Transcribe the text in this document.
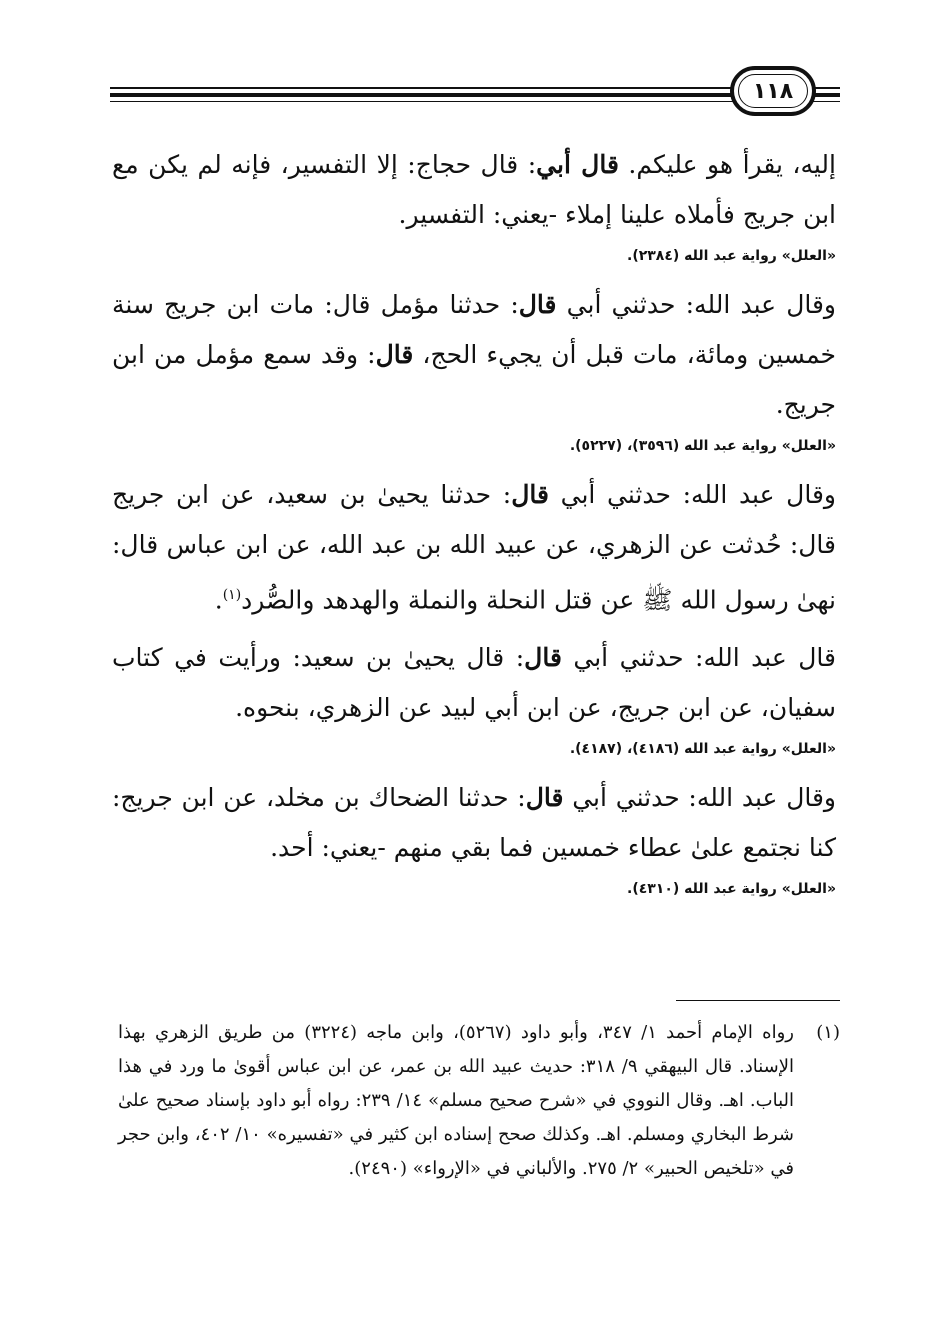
١١٨

إليه، يقرأ هو عليكم. قال أبي: قال حجاج: إلا التفسير، فإنه لم يكن مع ابن جريج فأملاه علينا إملاء -يعني: التفسير.

«العلل» رواية عبد الله (٢٣٨٤).

وقال عبد الله: حدثني أبي قال: حدثنا مؤمل قال: مات ابن جريج سنة خمسين ومائة، مات قبل أن يجيء الحج، قال: وقد سمع مؤمل من ابن جريج.

«العلل» رواية عبد الله (٣٥٩٦)، (٥٢٢٧).

وقال عبد الله: حدثني أبي قال: حدثنا يحيىٰ بن سعيد، عن ابن جريج قال: حُدثت عن الزهري، عن عبيد الله بن عبد الله، عن ابن عباس قال: نهىٰ رسول الله ﷺ عن قتل النحلة والنملة والهدهد والصُّرد$^{(١)}$.

قال عبد الله: حدثني أبي قال: قال يحيىٰ بن سعيد: ورأيت في كتاب سفيان، عن ابن جريج، عن ابن أبي لبيد عن الزهري، بنحوه.

«العلل» رواية عبد الله (٤١٨٦)، (٤١٨٧).

وقال عبد الله: حدثني أبي قال: حدثنا الضحاك بن مخلد، عن ابن جريج: كنا نجتمع علىٰ عطاء خمسين فما بقي منهم -يعني: أحد.

«العلل» رواية عبد الله (٤٣١٠).
(١)
رواه الإمام أحمد ١/ ٣٤٧، وأبو داود (٥٢٦٧)، وابن ماجه (٣٢٢٤) من طريق الزهري بهذا الإسناد. قال البيهقي ٩/ ٣١٨: حديث عبيد الله بن عمر، عن ابن عباس أقوىٰ ما ورد في هذا الباب. اهـ. وقال النووي في «شرح صحيح مسلم» ١٤/ ٢٣٩: رواه أبو داود بإسناد صحيح علىٰ شرط البخاري ومسلم. اهـ. وكذلك صحح إسناده ابن كثير في «تفسيره» ١٠/ ٤٠٢، وابن حجر في «تلخيص الحبير» ٢/ ٢٧٥. والألباني في «الإرواء» (٢٤٩٠).
